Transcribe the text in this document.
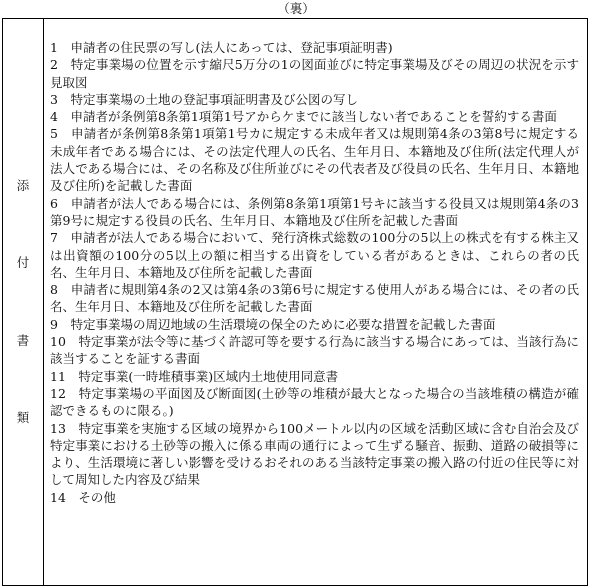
（裏）
添
付
書
類

1　申請者の住民票の写し(法人にあっては、登記事項証明書)

2　特定事業場の位置を示す縮尺5万分の1の図面並びに特定事業場及びその周辺の状況を示す見取図

3　特定事業場の土地の登記事項証明書及び公図の写し

4　申請者が条例第8条第1項第1号アからケまでに該当しない者であることを誓約する書面

5　申請者が条例第8条第1項第1号カに規定する未成年者又は規則第4条の3第8号に規定する未成年者である場合には、その法定代理人の氏名、生年月日、本籍地及び住所(法定代理人が法人である場合には、その名称及び住所並びにその代表者及び役員の氏名、生年月日、本籍地及び住所)を記載した書面

6　申請者が法人である場合には、条例第8条第1項第1号キに該当する役員又は規則第4条の3第9号に規定する役員の氏名、生年月日、本籍地及び住所を記載した書面

7　申請者が法人である場合において、発行済株式総数の100分の5以上の株式を有する株主又は出資額の100分の5以上の額に相当する出資をしている者があるときは、これらの者の氏名、生年月日、本籍地及び住所を記載した書面

8　申請者に規則第4条の2又は第4条の3第6号に規定する使用人がある場合には、その者の氏名、生年月日、本籍地及び住所を記載した書面

9　特定事業場の周辺地域の生活環境の保全のために必要な措置を記載した書面

10　特定事業が法令等に基づく許認可等を要する行為に該当する場合にあっては、当該行為に該当することを証する書面

11　特定事業(一時堆積事業)区域内土地使用同意書

12　特定事業場の平面図及び断面図(土砂等の堆積が最大となった場合の当該堆積の構造が確認できるものに限る。)

13　特定事業を実施する区域の境界から100メートル以内の区域を活動区域に含む自治会及び特定事業における土砂等の搬入に係る車両の通行によって生ずる騒音、振動、道路の破損等により、生活環境に著しい影響を受けるおそれのある当該特定事業の搬入路の付近の住民等に対して周知した内容及び結果

14　その他
